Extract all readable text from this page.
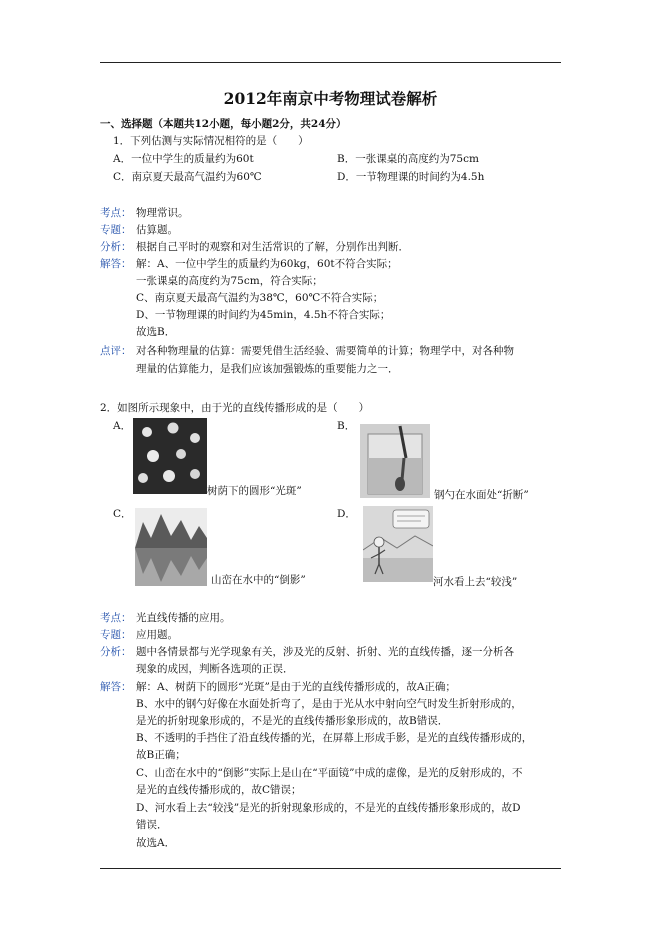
2012年南京中考物理试卷解析
一、选择题（本题共12小题，每小题2分，共24分）
1．下列估测与实际情况相符的是（　　）
A．一位中学生的质量约为60t	B．一张课桌的高度约为75cm
C．南京夏天最高气温约为60℃	D．一节物理课的时间约为4.5h
考点： 物理常识。
专题： 估算题。
分析： 根据自己平时的观察和对生活常识的了解，分别作出判断．
解答： 解：A、一位中学生的质量约为60kg，60t不符合实际；
一张课桌的高度约为75cm，符合实际；
C、南京夏天最高气温约为38℃，60℃不符合实际；
D、一节物理课的时间约为45min，4.5h不符合实际；
故选B．
点评： 对各种物理量的估算：需要凭借生活经验、需要简单的计算；物理学中，对各种物
理量的估算能力，是我们应该加强锻炼的重要能力之一．
2．如图所示现象中，由于光的直线传播形成的是（　　）
A．
树荫下的圆形“光斑”
B．
钢勺在水面处“折断”
C．
山峦在水中的“倒影”
D．
河水看上去“较浅”
考点： 光直线传播的应用。
专题： 应用题。
分析： 题中各情景都与光学现象有关，涉及光的反射、折射、光的直线传播，逐一分析各
现象的成因，判断各选项的正误．
解答： 解：A、树荫下的圆形“光斑”是由于光的直线传播形成的，故A正确；
B、水中的钢勺好像在水面处折弯了，是由于光从水中射向空气时发生折射形成的，
是光的折射现象形成的，不是光的直线传播形象形成的，故B错误．
B、不透明的手挡住了沿直线传播的光，在屏幕上形成手影，是光的直线传播形成的，
故B正确；
C、山峦在水中的“倒影”实际上是山在“平面镜”中成的虚像，是光的反射形成的，不
是光的直线传播形成的，故C错误；
D、河水看上去“较浅”是光的折射现象形成的，不是光的直线传播形象形成的，故D
错误．
故选A．
